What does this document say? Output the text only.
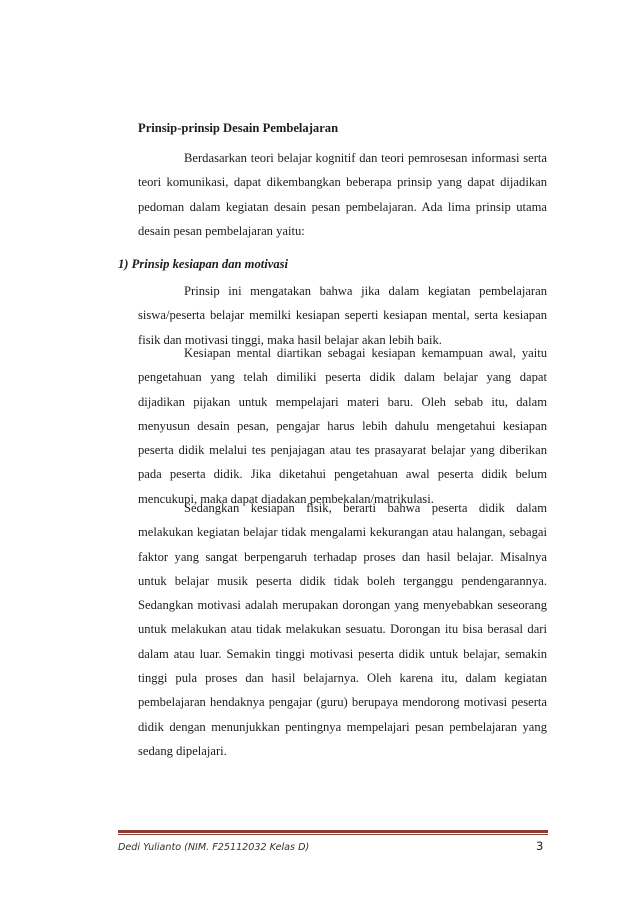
Prinsip-prinsip Desain Pembelajaran

Berdasarkan teori belajar kognitif dan teori pemrosesan informasi serta teori komunikasi, dapat dikembangkan beberapa prinsip yang dapat dijadikan pedoman dalam kegiatan desain pesan pembelajaran. Ada lima prinsip utama desain pesan pembelajaran yaitu:

1) Prinsip kesiapan dan motivasi

Prinsip ini mengatakan bahwa jika dalam kegiatan pembelajaran siswa/peserta belajar memilki kesiapan seperti kesiapan mental, serta kesiapan fisik dan motivasi tinggi, maka hasil belajar akan lebih baik.

Kesiapan mental diartikan sebagai kesiapan kemampuan awal, yaitu pengetahuan yang telah dimiliki peserta didik dalam belajar yang dapat dijadikan pijakan untuk mempelajari materi baru. Oleh sebab itu, dalam menyusun desain pesan, pengajar harus lebih dahulu mengetahui kesiapan peserta didik melalui tes penjajagan atau tes prasayarat belajar yang diberikan pada peserta didik. Jika diketahui pengetahuan awal peserta didik belum mencukupi, maka dapat diadakan pembekalan/matrikulasi.

Sedangkan kesiapan fisik, berarti bahwa peserta didik dalam melakukan kegiatan belajar tidak mengalami kekurangan atau halangan, sebagai faktor yang sangat berpengaruh terhadap proses dan hasil belajar. Misalnya untuk belajar musik peserta didik tidak boleh terganggu pendengarannya. Sedangkan motivasi adalah merupakan dorongan yang menyebabkan seseorang untuk melakukan atau tidak melakukan sesuatu. Dorongan itu bisa berasal dari dalam atau luar. Semakin tinggi motivasi peserta didik untuk belajar, semakin tinggi pula proses dan hasil belajarnya. Oleh karena itu, dalam kegiatan pembelajaran hendaknya pengajar (guru) berupaya mendorong motivasi peserta didik dengan menunjukkan pentingnya mempelajari pesan pembelajaran yang sedang dipelajari.

Dedi Yulianto (NIM. F25112032 Kelas D)	3
